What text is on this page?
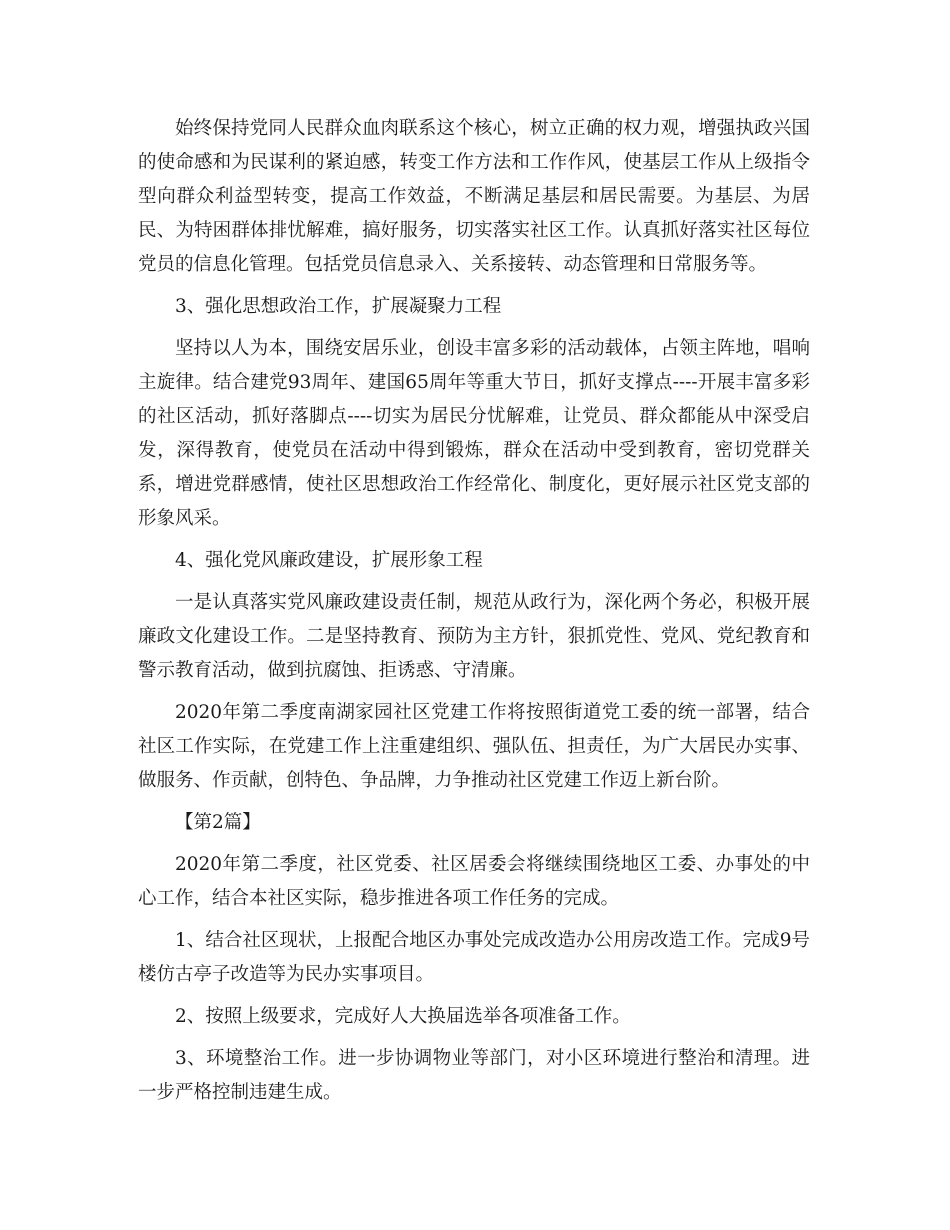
始终保持党同人民群众血肉联系这个核心，树立正确的权力观，增强执政兴国的使命感和为民谋利的紧迫感，转变工作方法和工作作风，使基层工作从上级指令型向群众利益型转变，提高工作效益，不断满足基层和居民需要。为基层、为居民、为特困群体排忧解难，搞好服务，切实落实社区工作。认真抓好落实社区每位党员的信息化管理。包括党员信息录入、关系接转、动态管理和日常服务等。

3、强化思想政治工作，扩展凝聚力工程

坚持以人为本，围绕安居乐业，创设丰富多彩的活动载体，占领主阵地，唱响主旋律。结合建党93周年、建国65周年等重大节日，抓好支撑点----开展丰富多彩的社区活动，抓好落脚点----切实为居民分忧解难，让党员、群众都能从中深受启发，深得教育，使党员在活动中得到锻炼，群众在活动中受到教育，密切党群关系，增进党群感情，使社区思想政治工作经常化、制度化，更好展示社区党支部的形象风采。

4、强化党风廉政建设，扩展形象工程

一是认真落实党风廉政建设责任制，规范从政行为，深化两个务必，积极开展廉政文化建设工作。二是坚持教育、预防为主方针，狠抓党性、党风、党纪教育和警示教育活动，做到抗腐蚀、拒诱惑、守清廉。

2020年第二季度南湖家园社区党建工作将按照街道党工委的统一部署，结合社区工作实际，在党建工作上注重建组织、强队伍、担责任，为广大居民办实事、做服务、作贡献，创特色、争品牌，力争推动社区党建工作迈上新台阶。

【第2篇】

2020年第二季度，社区党委、社区居委会将继续围绕地区工委、办事处的中心工作，结合本社区实际，稳步推进各项工作任务的完成。

1、结合社区现状，上报配合地区办事处完成改造办公用房改造工作。完成9号楼仿古亭子改造等为民办实事项目。

2、按照上级要求，完成好人大换届选举各项准备工作。

3、环境整治工作。进一步协调物业等部门，对小区环境进行整治和清理。进一步严格控制违建生成。
